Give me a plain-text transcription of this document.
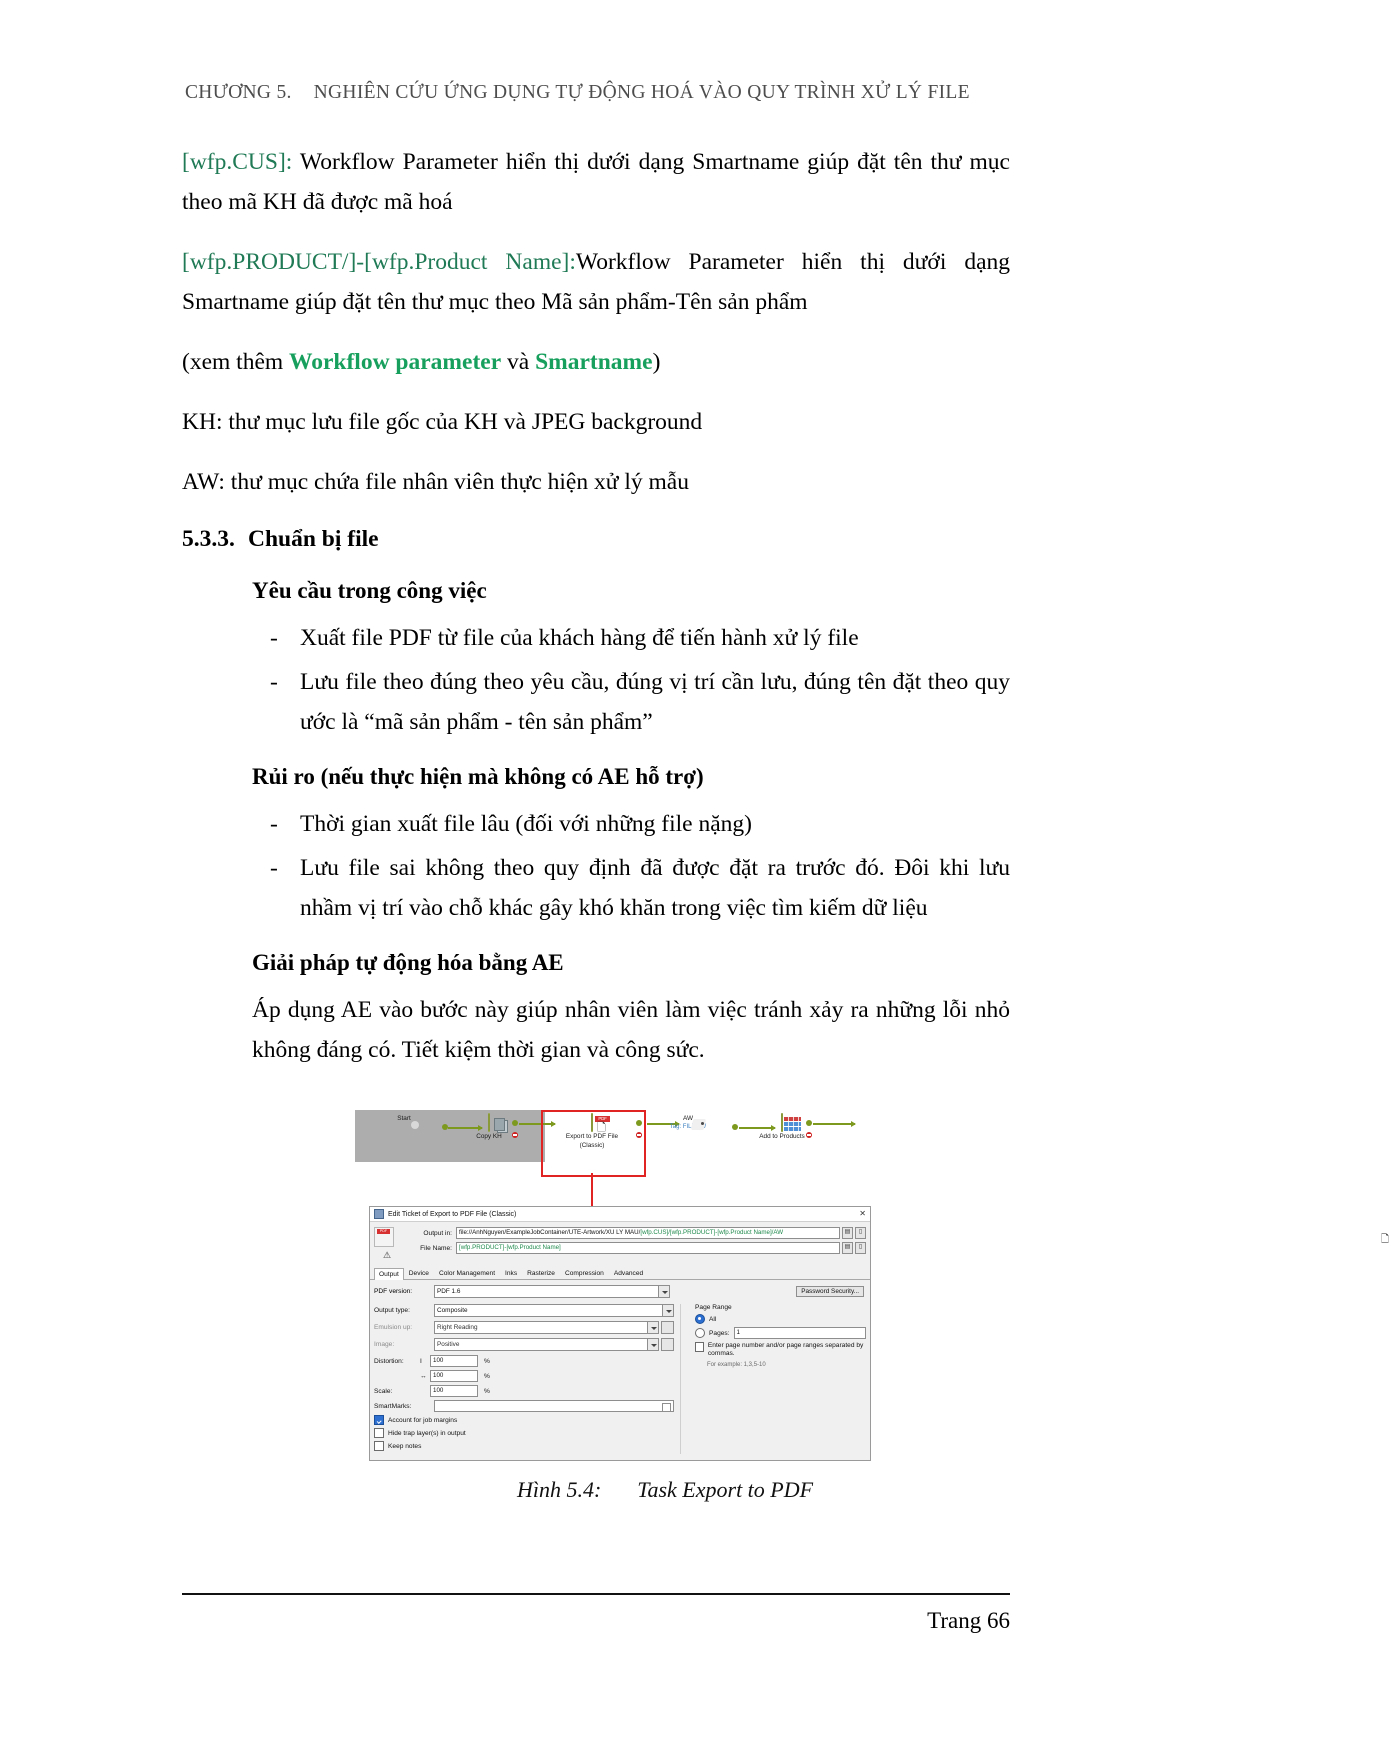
CHƯƠNG 5. NGHIÊN CỨU ỨNG DỤNG TỰ ĐỘNG HOÁ VÀO QUY TRÌNH XỬ LÝ FILE

[wfp.CUS]: Workflow Parameter hiển thị dưới dạng Smartname giúp đặt tên thư mục theo mã KH đã được mã hoá

[wfp.PRODUCT/]-[wfp.Product Name]:Workflow Parameter hiển thị dưới dạng Smartname giúp đặt tên thư mục theo Mã sản phẩm-Tên sản phẩm

(xem thêm Workflow parameter và Smartname)

KH: thư mục lưu file gốc của KH và JPEG background

AW: thư mục chứa file nhân viên thực hiện xử lý mẫu

5.3.3. Chuẩn bị file
Yêu cầu trong công việc
- Xuất file PDF từ file của khách hàng để tiến hành xử lý file
- Lưu file theo đúng theo yêu cầu, đúng vị trí cần lưu, đúng tên đặt theo quy ước là “mã sản phẩm - tên sản phẩm”
Rủi ro (nếu thực hiện mà không có AE hỗ trợ)
- Thời gian xuất file lâu (đối với những file nặng)
- Lưu file sai không theo quy định đã được đặt ra trước đó. Đôi khi lưu nhầm vị trí vào chỗ khác gây khó khăn trong việc tìm kiếm dữ liệu
Giải pháp tự động hóa bằng AE

Áp dụng AE vào bước này giúp nhân viên làm việc tránh xảy ra những lỗi nhỏ không đáng có. Tiết kiệm thời gian và công sức.

Start
Copy KH
PDF
🗋
Export to PDF File
(Classic)
AW
Tag: FILE AW
Add to Products
Edit Ticket of Export to PDF File (Classic)	✕
PDF
🗋
⚠
Output in:	file://AnhNguyen/ExampleJobContainer/UTE-Artwork/XU LY MAU/[wfp.CUS]/[wfp.PRODUCT]-[wfp.Product Name]/AW	▤	▯
File Name:	[wfp.PRODUCT]-[wfp.Product Name]	▤	▯
Output	Device	Color Management	Inks	Rasterize	Compression	Advanced
PDF version:	PDF 1.6	Password Security...
Output type:	Composite
Emulsion up:	Right Reading
Image:	Positive
Distortion:	I	100	%
↔	100	%
Scale:	100	%
SmartMarks:
Account for job margins
Hide trap layer(s) in output
Keep notes
Page Range
All
Pages:	1
Enter page number and/or page ranges separated by commas.
For example: 1,3,5-10
Hình 5.4: Task Export to PDF
Trang 66
